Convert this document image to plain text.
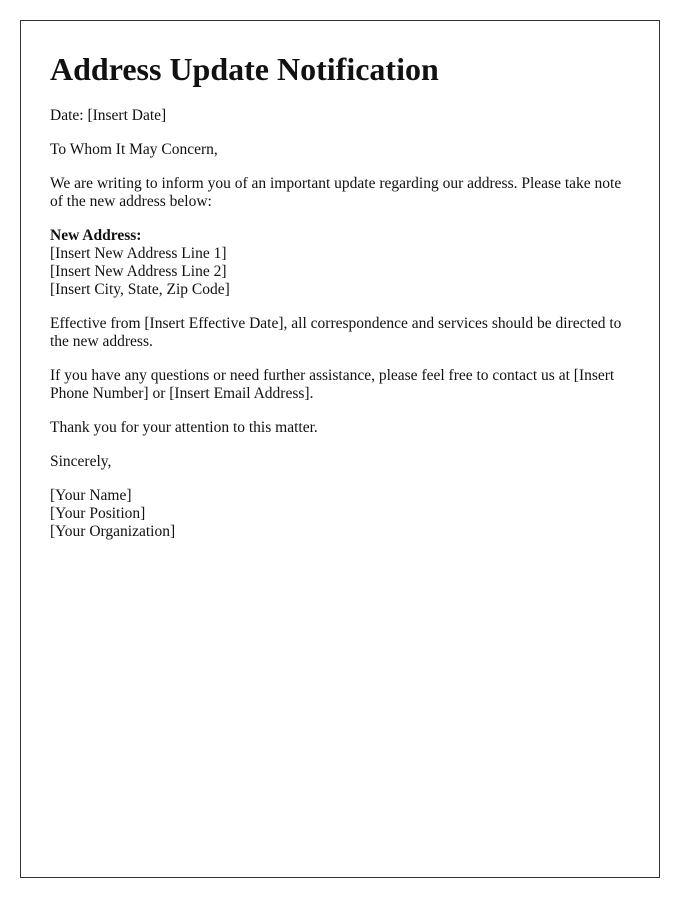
Address Update Notification

Date: [Insert Date]

To Whom It May Concern,

We are writing to inform you of an important update regarding our address. Please take note of the new address below:

New Address:
[Insert New Address Line 1]
[Insert New Address Line 2]
[Insert City, State, Zip Code]

Effective from [Insert Effective Date], all correspondence and services should be directed to the new address.

If you have any questions or need further assistance, please feel free to contact us at [Insert Phone Number] or [Insert Email Address].

Thank you for your attention to this matter.

Sincerely,

[Your Name]
[Your Position]
[Your Organization]
